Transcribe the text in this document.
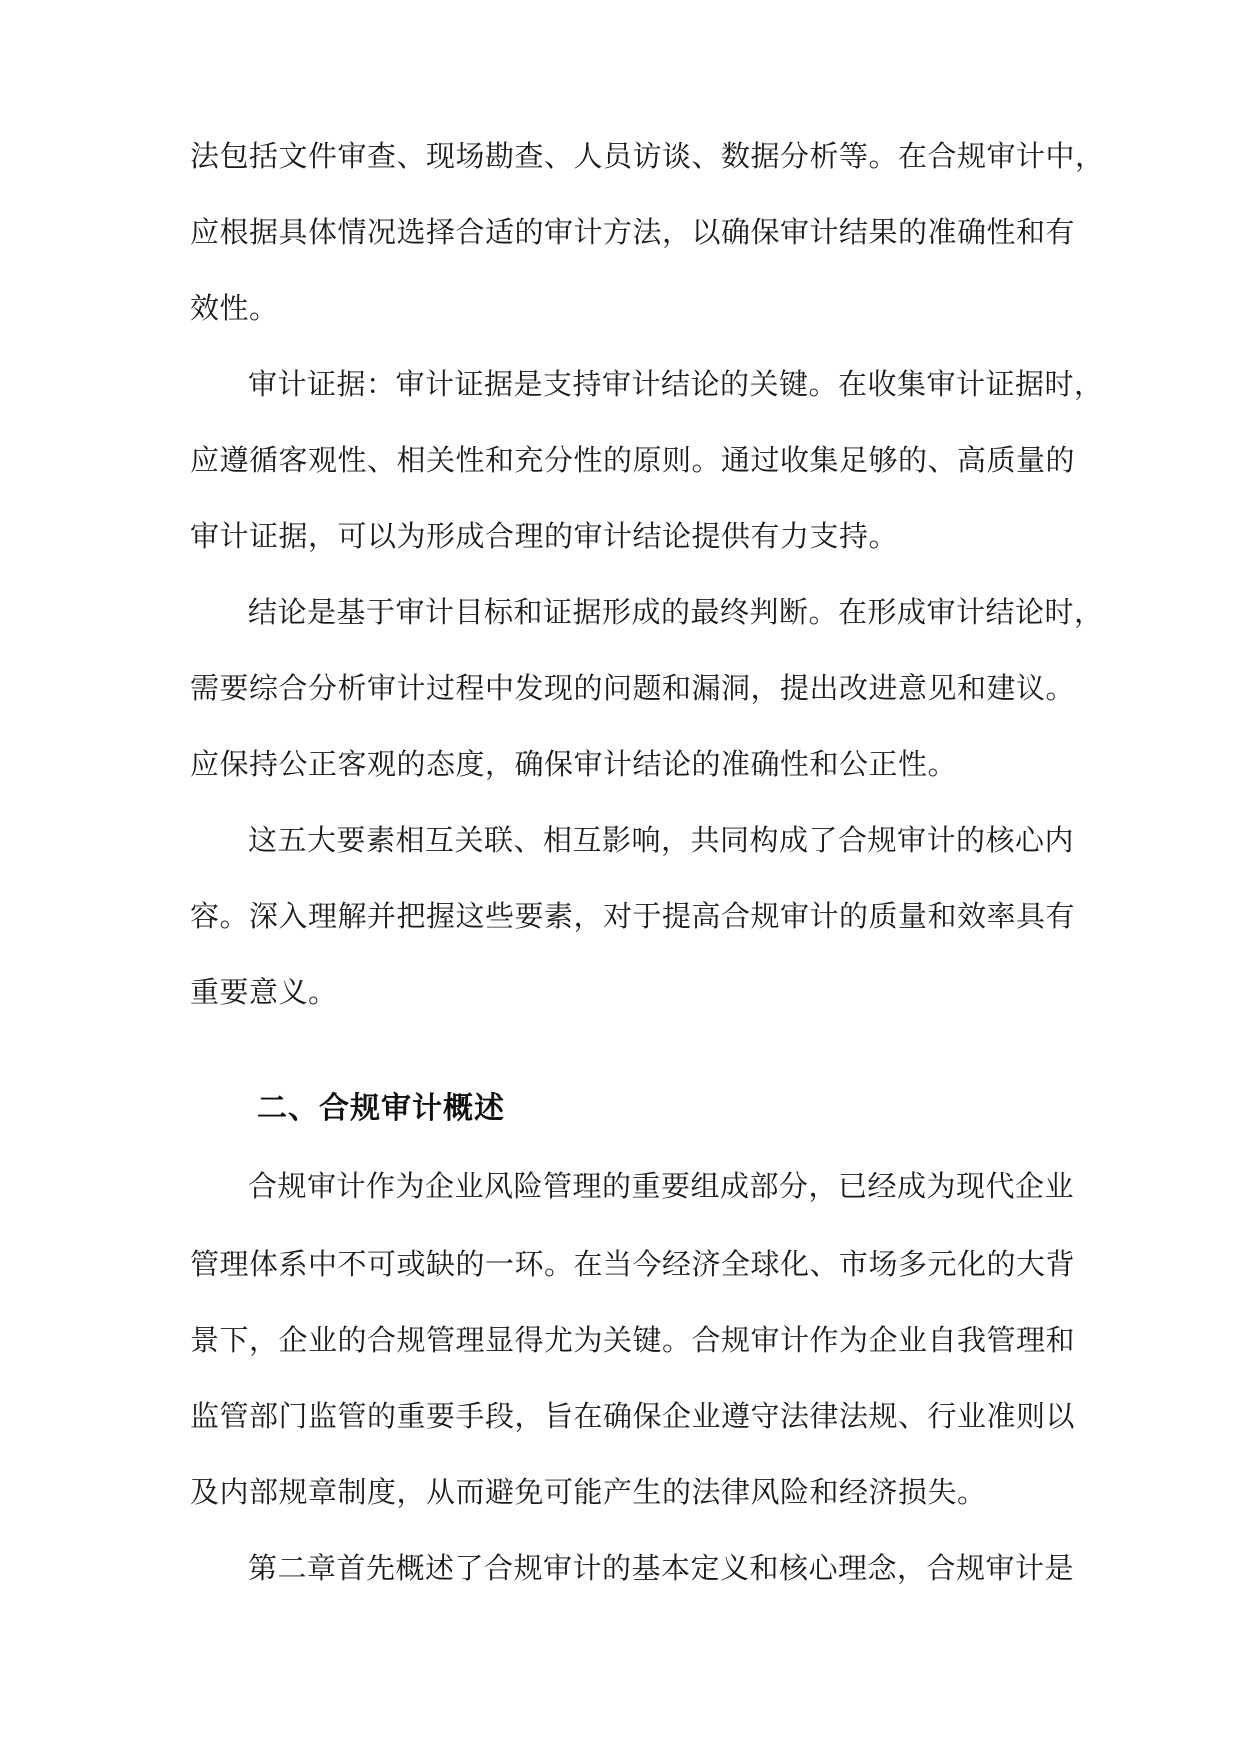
法包括文件审查、现场勘查、人员访谈、数据分析等。在合规审计中，
应根据具体情况选择合适的审计方法，以确保审计结果的准确性和有
效性。
审计证据：审计证据是支持审计结论的关键。在收集审计证据时，
应遵循客观性、相关性和充分性的原则。通过收集足够的、高质量的
审计证据，可以为形成合理的审计结论提供有力支持。
结论是基于审计目标和证据形成的最终判断。在形成审计结论时，
需要综合分析审计过程中发现的问题和漏洞，提出改进意见和建议。
应保持公正客观的态度，确保审计结论的准确性和公正性。
这五大要素相互关联、相互影响，共同构成了合规审计的核心内
容。深入理解并把握这些要素，对于提高合规审计的质量和效率具有
重要意义。
二、合规审计概述
合规审计作为企业风险管理的重要组成部分，已经成为现代企业
管理体系中不可或缺的一环。在当今经济全球化、市场多元化的大背
景下，企业的合规管理显得尤为关键。合规审计作为企业自我管理和
监管部门监管的重要手段，旨在确保企业遵守法律法规、行业准则以
及内部规章制度，从而避免可能产生的法律风险和经济损失。
第二章首先概述了合规审计的基本定义和核心理念，合规审计是
